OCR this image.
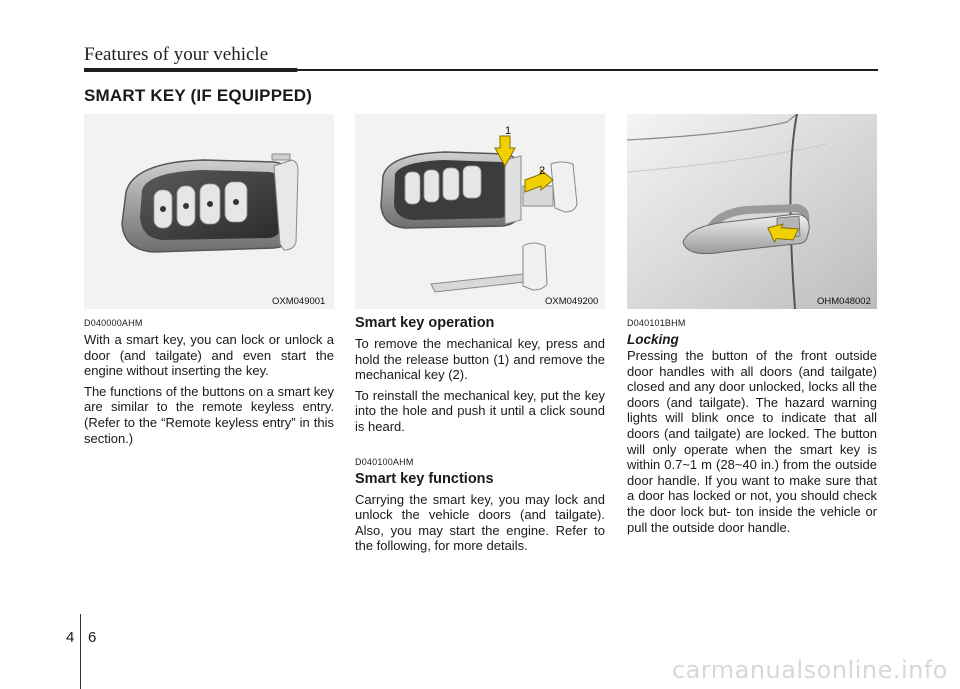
Features of your vehicle
SMART KEY (IF EQUIPPED)
OXM049001
1
2
OXM049200	OHM048002

D040000AHM

With a smart key, you can lock or unlock a door (and tailgate) and even start the engine without inserting the key.

The functions of the buttons on a smart key are similar to the remote keyless entry. (Refer to the “Remote keyless entry” in this section.)

Smart key operation

To remove the mechanical key, press and hold the release button (1) and remove the mechanical key (2).

To reinstall the mechanical key, put the key into the hole and push it until a click sound is heard.

D040100AHM

Smart key functions

Carrying the smart key, you may lock and unlock the vehicle doors (and tailgate). Also, you may start the engine. Refer to the following, for more details.

D040101BHM

Locking

Pressing the button of the front outside door handles with all doors (and tailgate) closed and any door unlocked, locks all the doors (and tailgate). The hazard warning lights will blink once to indicate that all doors (and tailgate) are locked. The button will only operate when the smart key is within 0.7~1 m (28~40 in.) from the outside door handle. If you want to make sure that a door has locked or not, you should check the door lock but- ton inside the vehicle or pull the outside door handle.

4 6
carmanualsonline.info
